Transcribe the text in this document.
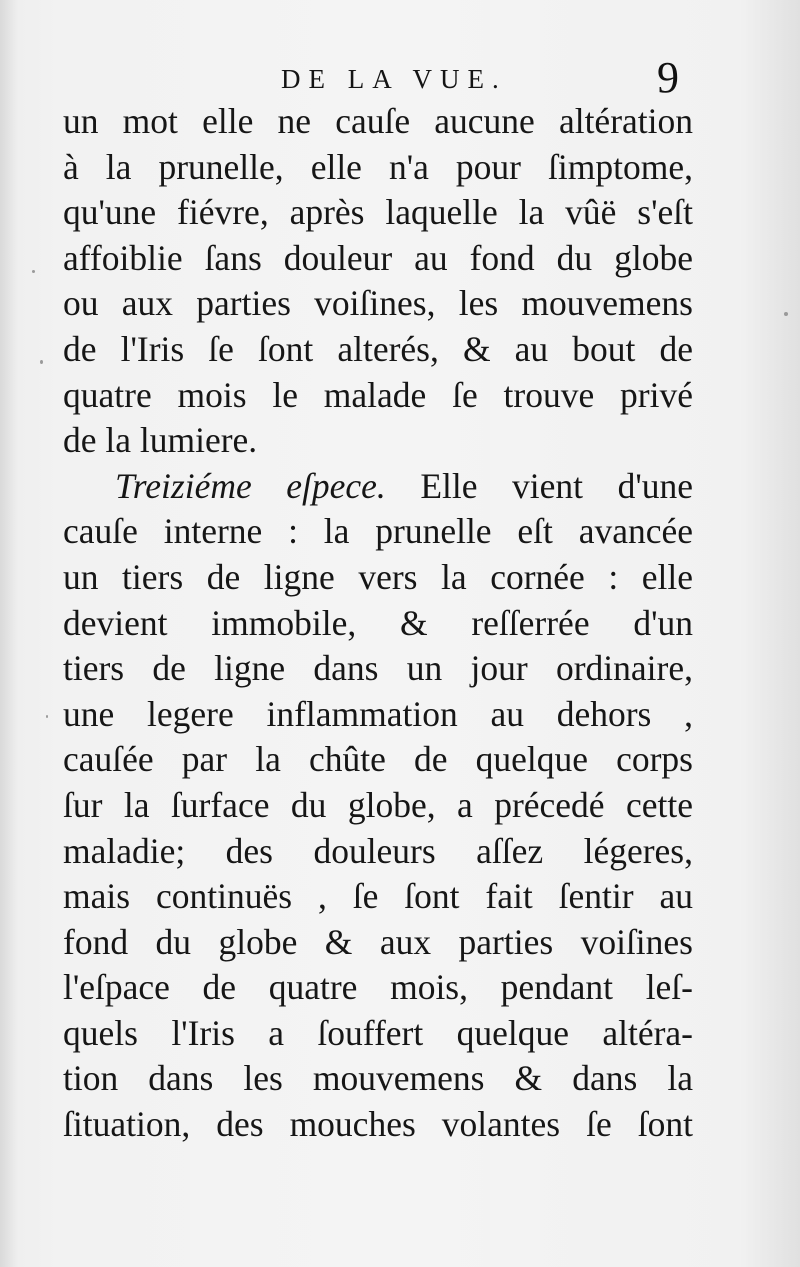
DE LA VUE.	9
un mot elle ne cauſe aucune altération
à la prunelle, elle n'a pour ſimptome,
qu'une fiévre, après laquelle la vûë s'eſt
affoiblie ſans douleur au fond du globe
ou aux parties voiſines, les mouvemens
de l'Iris ſe ſont alterés, & au bout de
quatre mois le malade ſe trouve privé
de la lumiere.
Treiziéme eſpece. Elle vient d'une
cauſe interne : la prunelle eſt avancée
un tiers de ligne vers la cornée : elle
devient immobile, & reſſerrée d'un
tiers de ligne dans un jour ordinaire,
une legere inflammation au dehors ,
cauſée par la chûte de quelque corps
ſur la ſurface du globe, a précedé cette
maladie; des douleurs aſſez légeres,
mais continuës , ſe ſont fait ſentir au
fond du globe & aux parties voiſines
l'eſpace de quatre mois, pendant leſ-
quels l'Iris a ſouffert quelque altéra-
tion dans les mouvemens & dans la
ſituation, des mouches volantes ſe ſont
